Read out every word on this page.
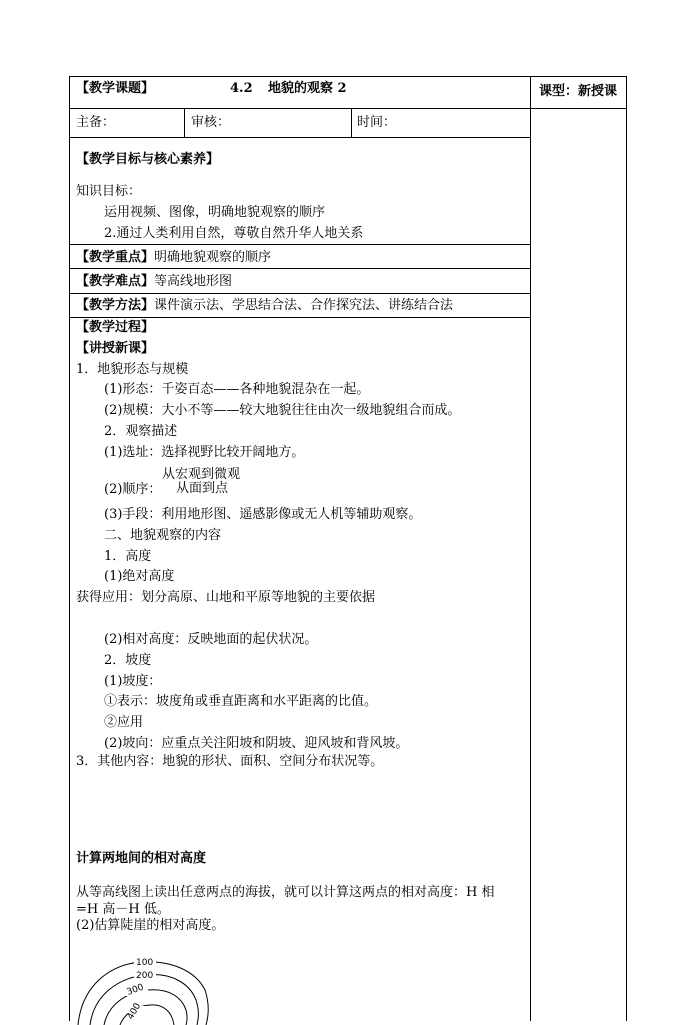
【教学课题】	4.2 地貌的观察 2	课型：新授课
主备：	审核：	时间：
【教学目标与核心素养】
知识目标：
运用视频、图像，明确地貌观察的顺序
2.通过人类利用自然，尊敬自然升华人地关系
【教学重点】明确地貌观察的顺序
【教学难点】等高线地形图
【教学方法】课件演示法、学思结合法、合作探究法、讲练结合法
【教学过程】
【讲授新课】
1．地貌形态与规模
(1)形态：千姿百态——各种地貌混杂在一起。
(2)规模：大小不等——较大地貌往往由次一级地貌组合而成。
2．观察描述
(1)选址：选择视野比较开阔地方。
从宏观到微观
(2)顺序： 从面到点
(3)手段：利用地形图、遥感影像或无人机等辅助观察。
二、地貌观察的内容
1．高度
(1)绝对高度
获得应用：划分高原、山地和平原等地貌的主要依据
(2)相对高度：反映地面的起伏状况。
2．坡度
(1)坡度：
①表示：坡度角或垂直距离和水平距离的比值。
②应用
(2)坡向：应重点关注阳坡和阴坡、迎风坡和背风坡。
3．其他内容：地貌的形状、面积、空间分布状况等。
计算两地间的相对高度
从等高线图上读出任意两点的海拔，就可以计算这两点的相对高度：H 相
=H 高－H 低。
(2)估算陡崖的相对高度。
100
200
300
400
